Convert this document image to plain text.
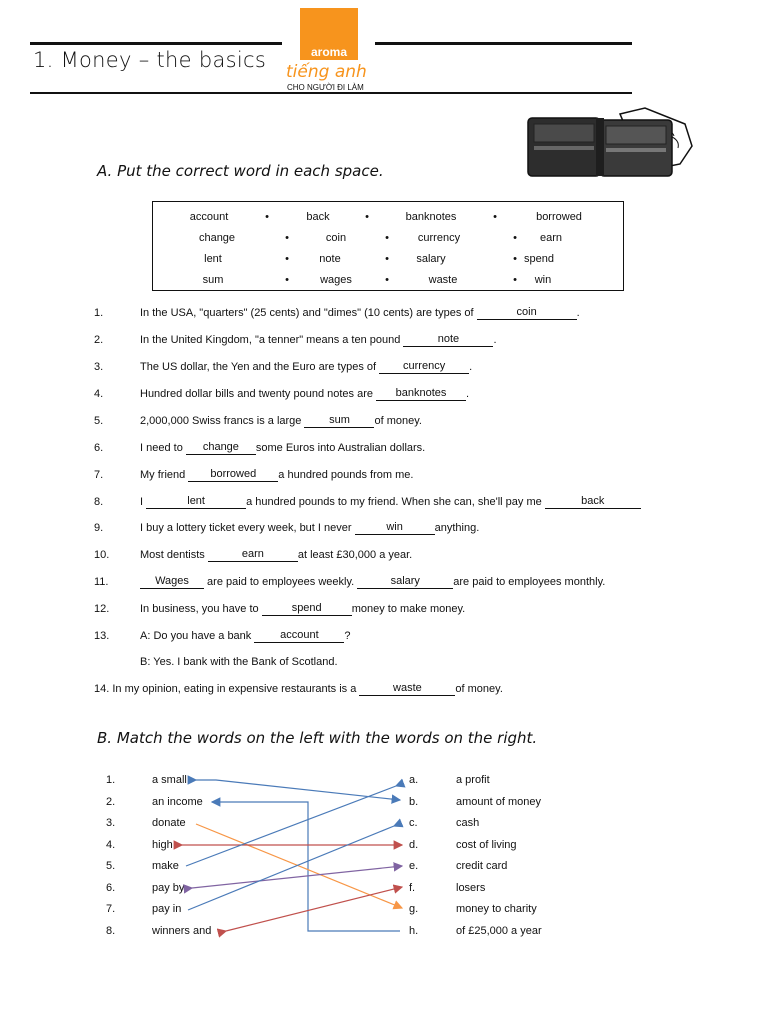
1. Money – the basics	aroma
tiếng anh
CHO NGƯỜI ĐI LÀM
A. Put the correct word in each space.
account	•	back	•	banknotes	•	borrowed
change	•	coin	•	currency	• earn
lent	•	note	• salary	• spend
sum	•	wages	•	waste	• win
1.	In the USA, "quarters" (25 cents) and "dimes" (10 cents) are types of	coin	.
2.	In the United Kingdom, "a tenner" means a ten pound	note	.
3.	The US dollar, the Yen and the Euro are types of currency .
4.	Hundred dollar bills and twenty pound notes are banknotes .
5.	2,000,000 Swiss francs is a large sum of money.
6.	I need to change some Euros into Australian dollars.
7.	My friend borrowed a hundred pounds from me.
8.	I	lent	a hundred pounds to my friend. When she can, she'll pay me	back
9.	I buy a lottery ticket every week, but I never	win	anything.
10.	Most dentists	earn	at least £30,000 a year.
11.	Wages are paid to employees weekly.	salary	are paid to employees monthly.
12.	In business, you have to	spend	money to make money.
13.	A: Do you have a bank account ?
B: Yes. I bank with the Bank of Scotland.
14. In my opinion, eating in expensive restaurants is a	waste	of money.
B. Match the words on the left with the words on the right.
1.	a small
2.	an income
3.	donate
4.	high
5.	make
6.	pay by
7.	pay in
8.	winners and
a.	a profit
b.	amount of money
c.	cash
d.	cost of living
e.	credit card
f.	losers
g.	money to charity
h.	of £25,000 a year
